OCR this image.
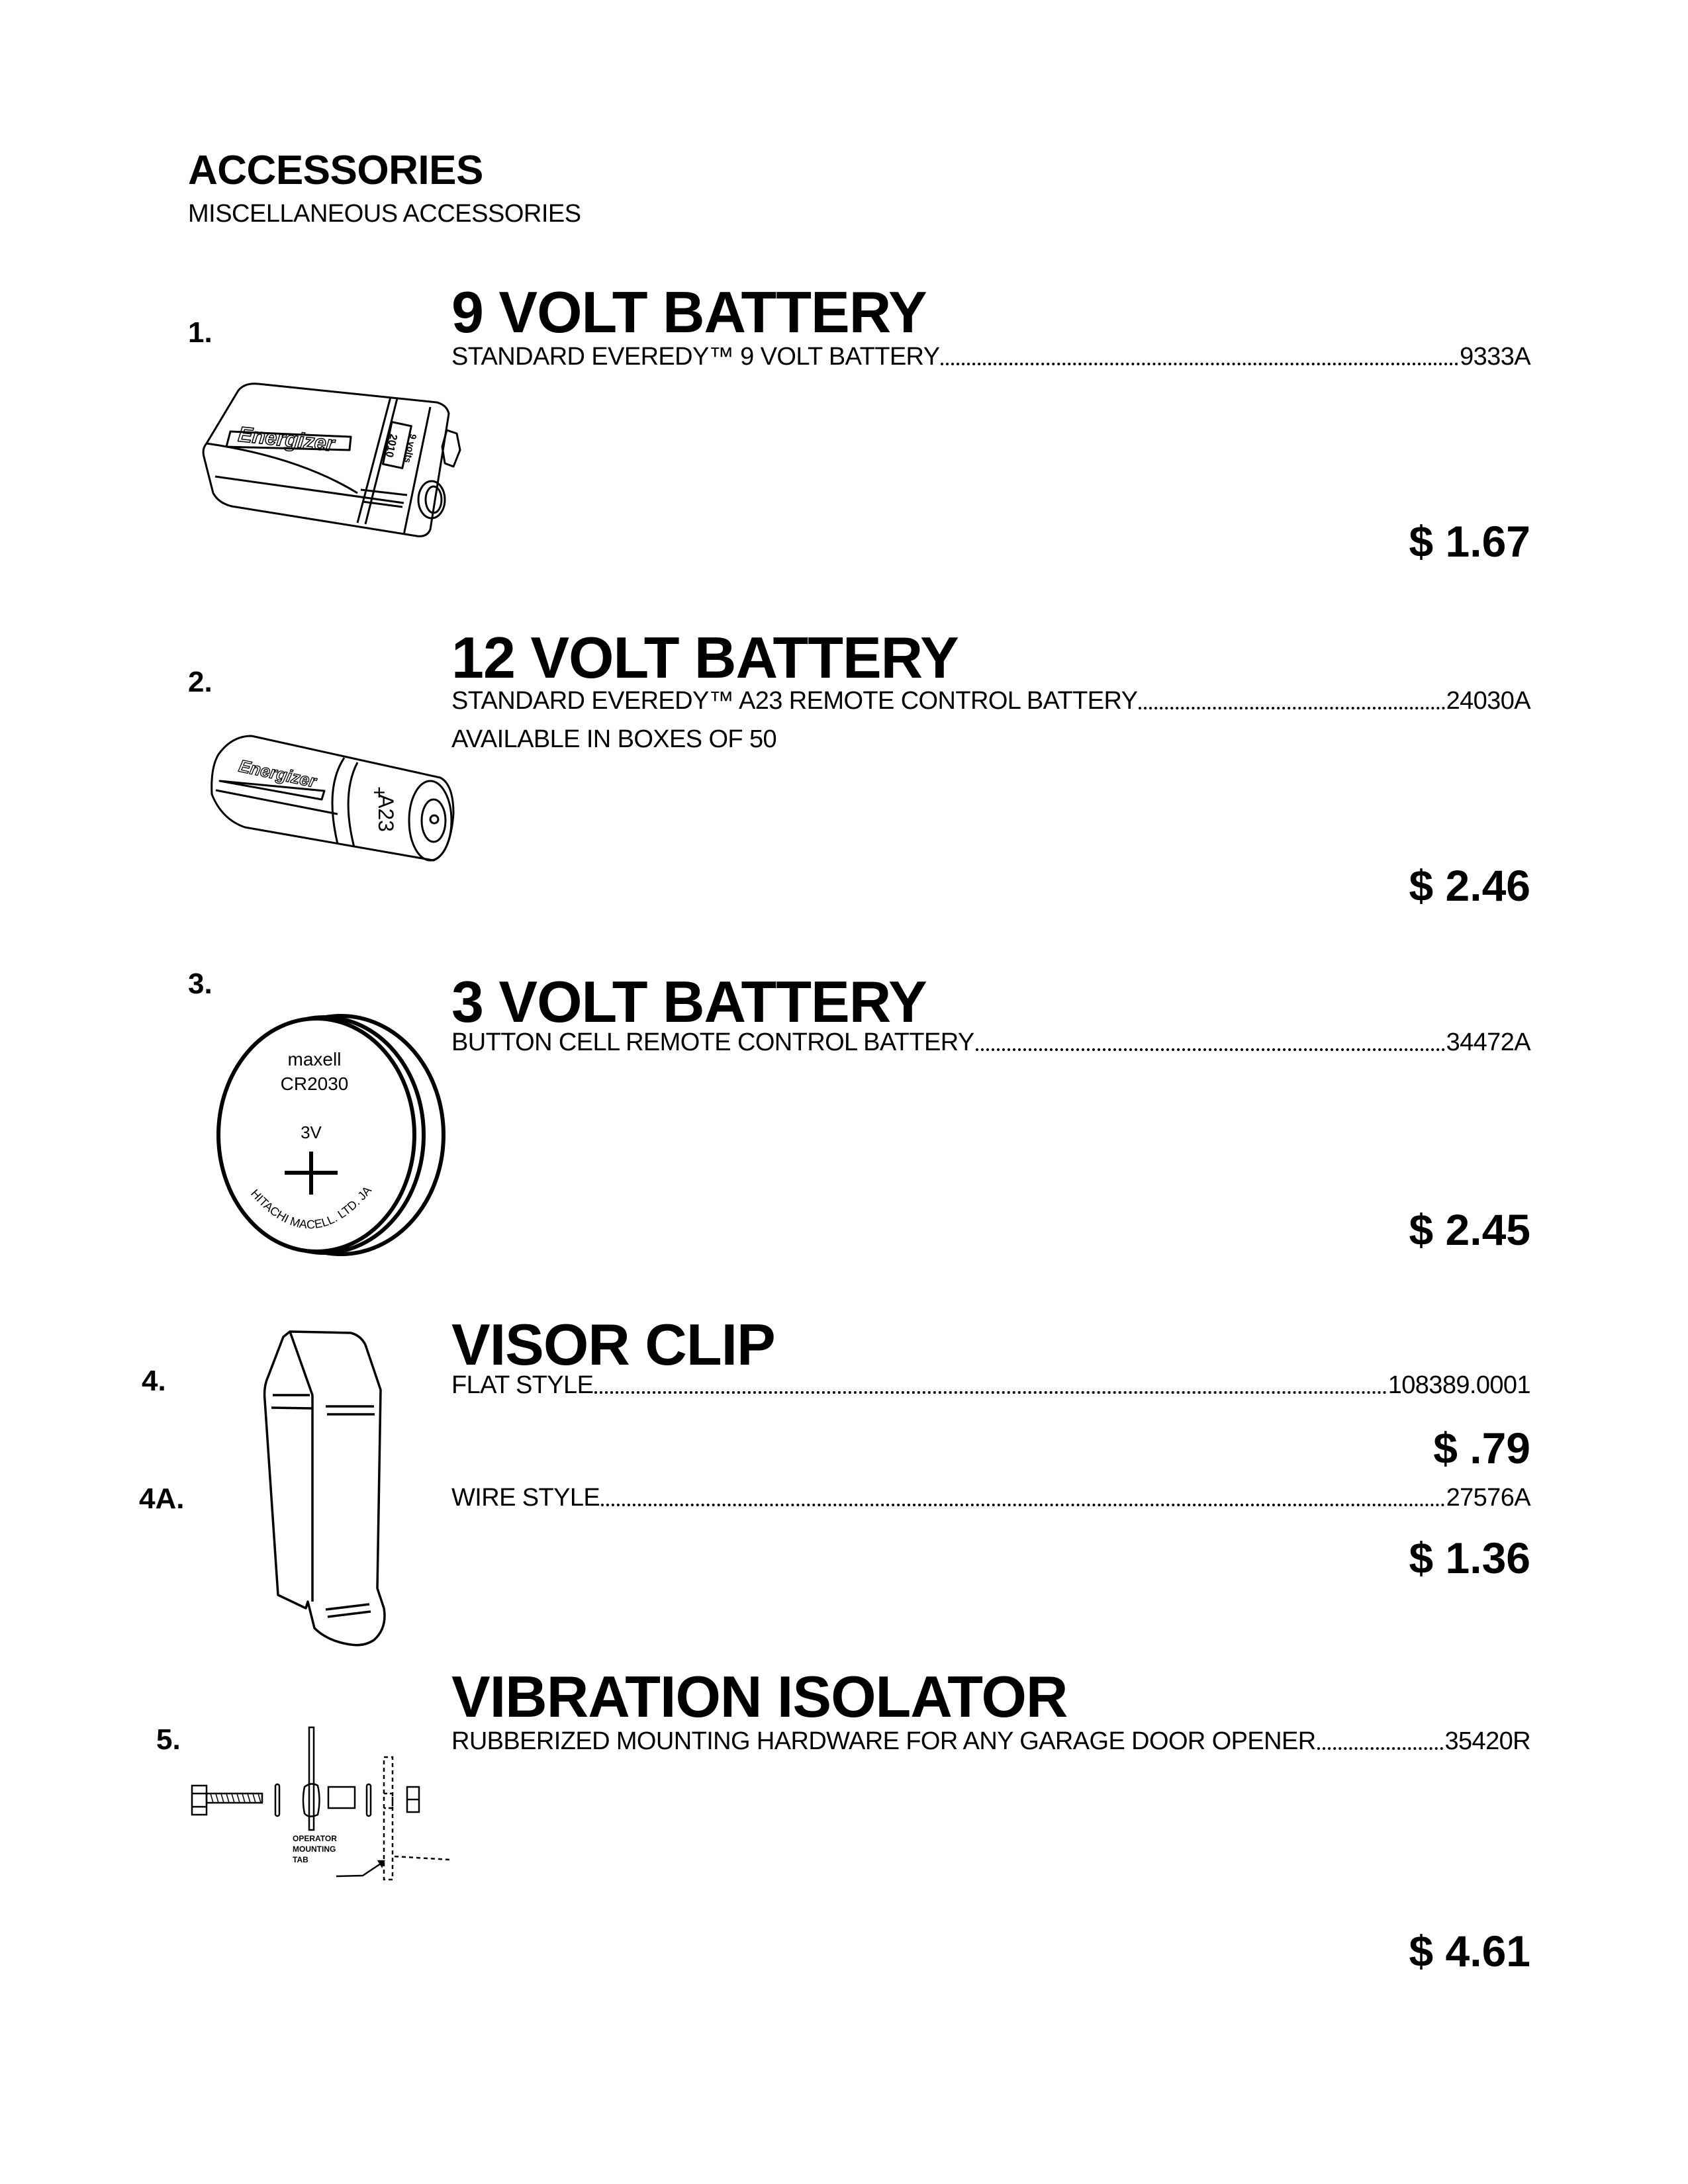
ACCESSORIES
MISCELLANEOUS ACCESSORIES
1.	9 VOLT BATTERY
STANDARD EVEREDY™ 9 VOLT BATTERY	9333A
$ 1.67
Energizer	2010 9 volts
2.	12 VOLT BATTERY
STANDARD EVEREDY™ A23 REMOTE CONTROL BATTERY	24030A
AVAILABLE IN BOXES OF 50
$ 2.46
Energizer
A23
+
3.	3 VOLT BATTERY
BUTTON CELL REMOTE CONTROL BATTERY	34472A
$ 2.45
maxell
CR2030
3V
HITACHI MACELL. LTD. JAPAN
4.
4A.
VISOR CLIP
FLAT STYLE	108389.0001
$ .79
WIRE STYLE	27576A
$ 1.36
5.
VIBRATION ISOLATOR
RUBBERIZED MOUNTING HARDWARE FOR ANY GARAGE DOOR OPENER	35420R
$ 4.61
OPERATOR
MOUNTING
TAB
